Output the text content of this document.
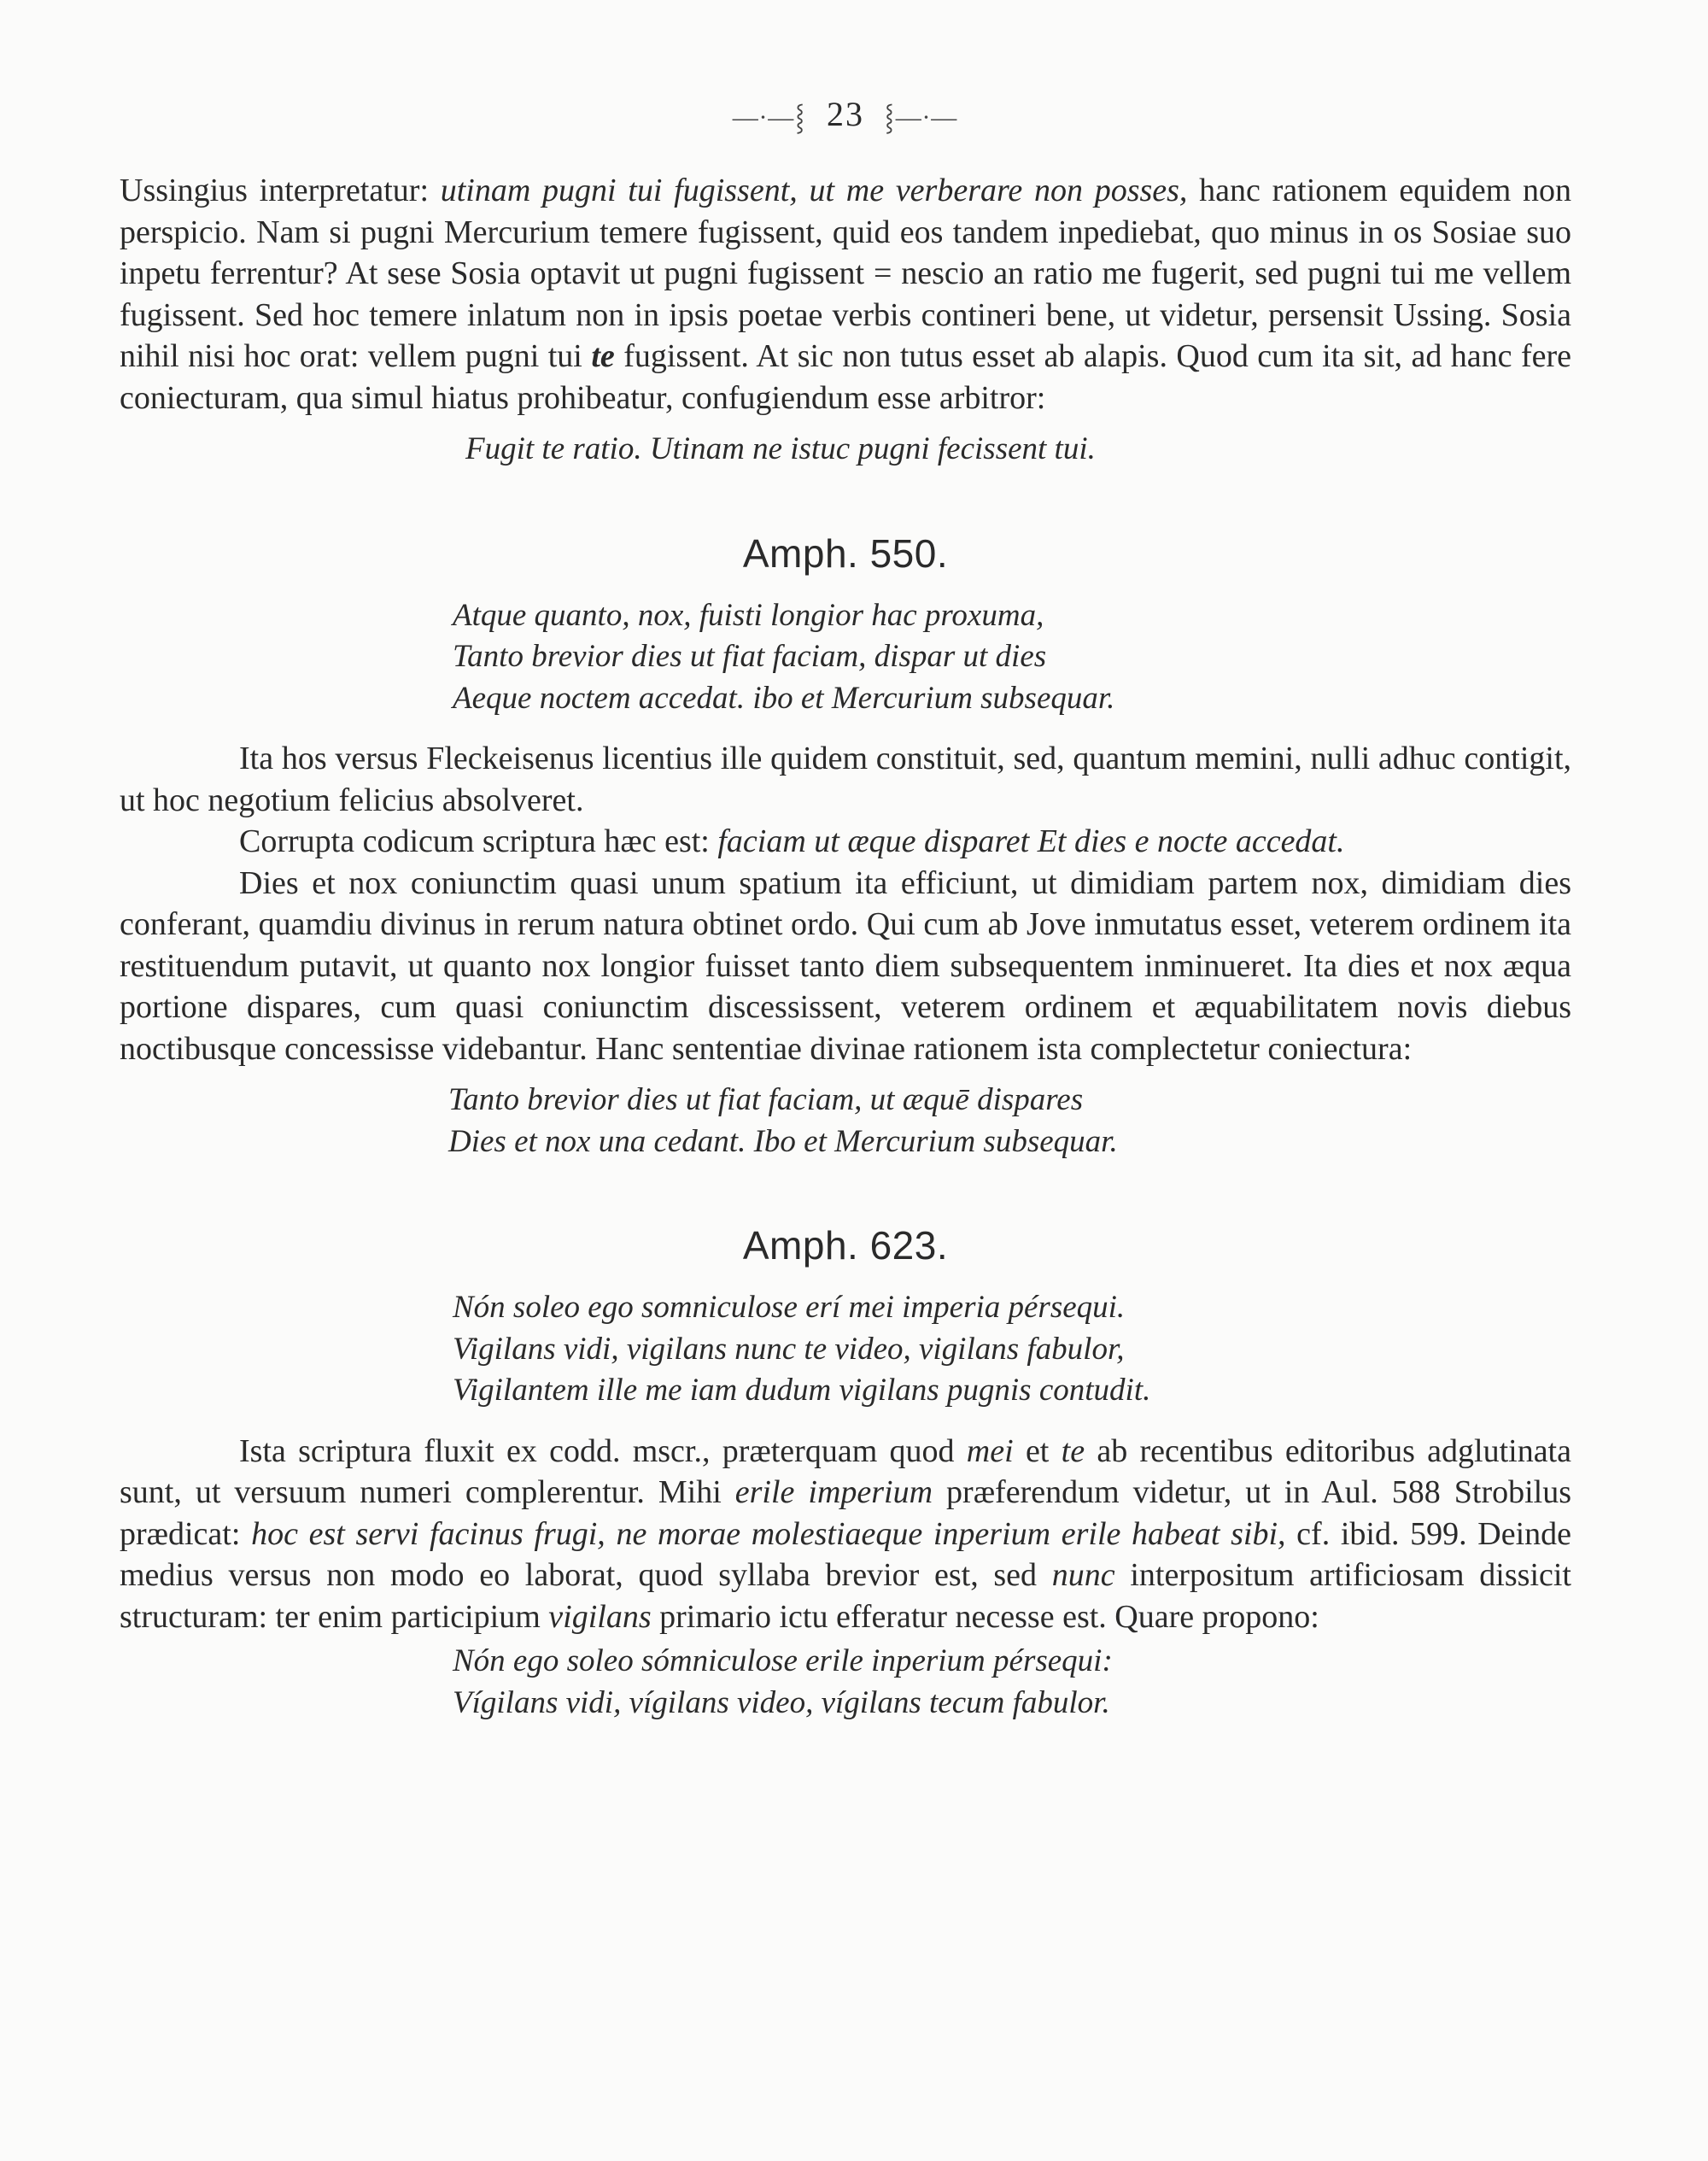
—∙—⸾ 23 ⸾—∙—

Ussingius interpretatur: utinam pugni tui fugissent, ut me verberare non posses, hanc rationem equidem non perspicio. Nam si pugni Mercurium temere fugissent, quid eos tandem inpediebat, quo minus in os Sosiae suo inpetu ferrentur? At sese Sosia optavit ut pugni fugissent = nescio an ratio me fugerit, sed pugni tui me vellem fugissent. Sed hoc temere inlatum non in ipsis poetae verbis contineri bene, ut videtur, persensit Ussing. Sosia nihil nisi hoc orat: vellem pugni tui te fugissent. At sic non tutus esset ab alapis. Quod cum ita sit, ad hanc fere coniecturam, qua simul hiatus prohibeatur, confugiendum esse arbitror:

Fugit te ratio. Utinam ne istuc pugni fecissent tui.
Amph. 550.
Atque quanto, nox, fuisti longior hac proxuma,
Tanto brevior dies ut fiat faciam, dispar ut dies
Aeque noctem accedat. ibo et Mercurium subsequar.

Ita hos versus Fleckeisenus licentius ille quidem constituit, sed, quantum memini, nulli adhuc contigit, ut hoc negotium felicius absolveret.

Corrupta codicum scriptura hæc est: faciam ut æque disparet Et dies e nocte accedat.

Dies et nox coniunctim quasi unum spatium ita efficiunt, ut dimidiam partem nox, dimidiam dies conferant, quamdiu divinus in rerum natura obtinet ordo. Qui cum ab Jove inmutatus esset, veterem ordinem ita restituendum putavit, ut quanto nox longior fuisset tanto diem subsequentem inminueret. Ita dies et nox æqua portione dispares, cum quasi coniunctim discessissent, veterem ordinem et æquabilitatem novis diebus noctibusque concessisse videbantur. Hanc sententiae divinae rationem ista complectetur coniectura:

Tanto brevior dies ut fiat faciam, ut æquē dispares
Dies et nox una cedant. Ibo et Mercurium subsequar.
Amph. 623.
Nón soleo ego somniculose erí mei imperia pérsequi.
Vigilans vidi, vigilans nunc te video, vigilans fabulor,
Vigilantem ille me iam dudum vigilans pugnis contudit.

Ista scriptura fluxit ex codd. mscr., præterquam quod mei et te ab recentibus editoribus adglutinata sunt, ut versuum numeri complerentur. Mihi erile imperium præferendum videtur, ut in Aul. 588 Strobilus prædicat: hoc est servi facinus frugi, ne morae molestiaeque inperium erile habeat sibi, cf. ibid. 599. Deinde medius versus non modo eo laborat, quod syllaba brevior est, sed nunc interpositum artificiosam dissicit structuram: ter enim participium vigilans primario ictu efferatur necesse est. Quare propono:

Nón ego soleo sómniculose erile inperium pérsequi:
Vígilans vidi, vígilans video, vígilans tecum fabulor.
